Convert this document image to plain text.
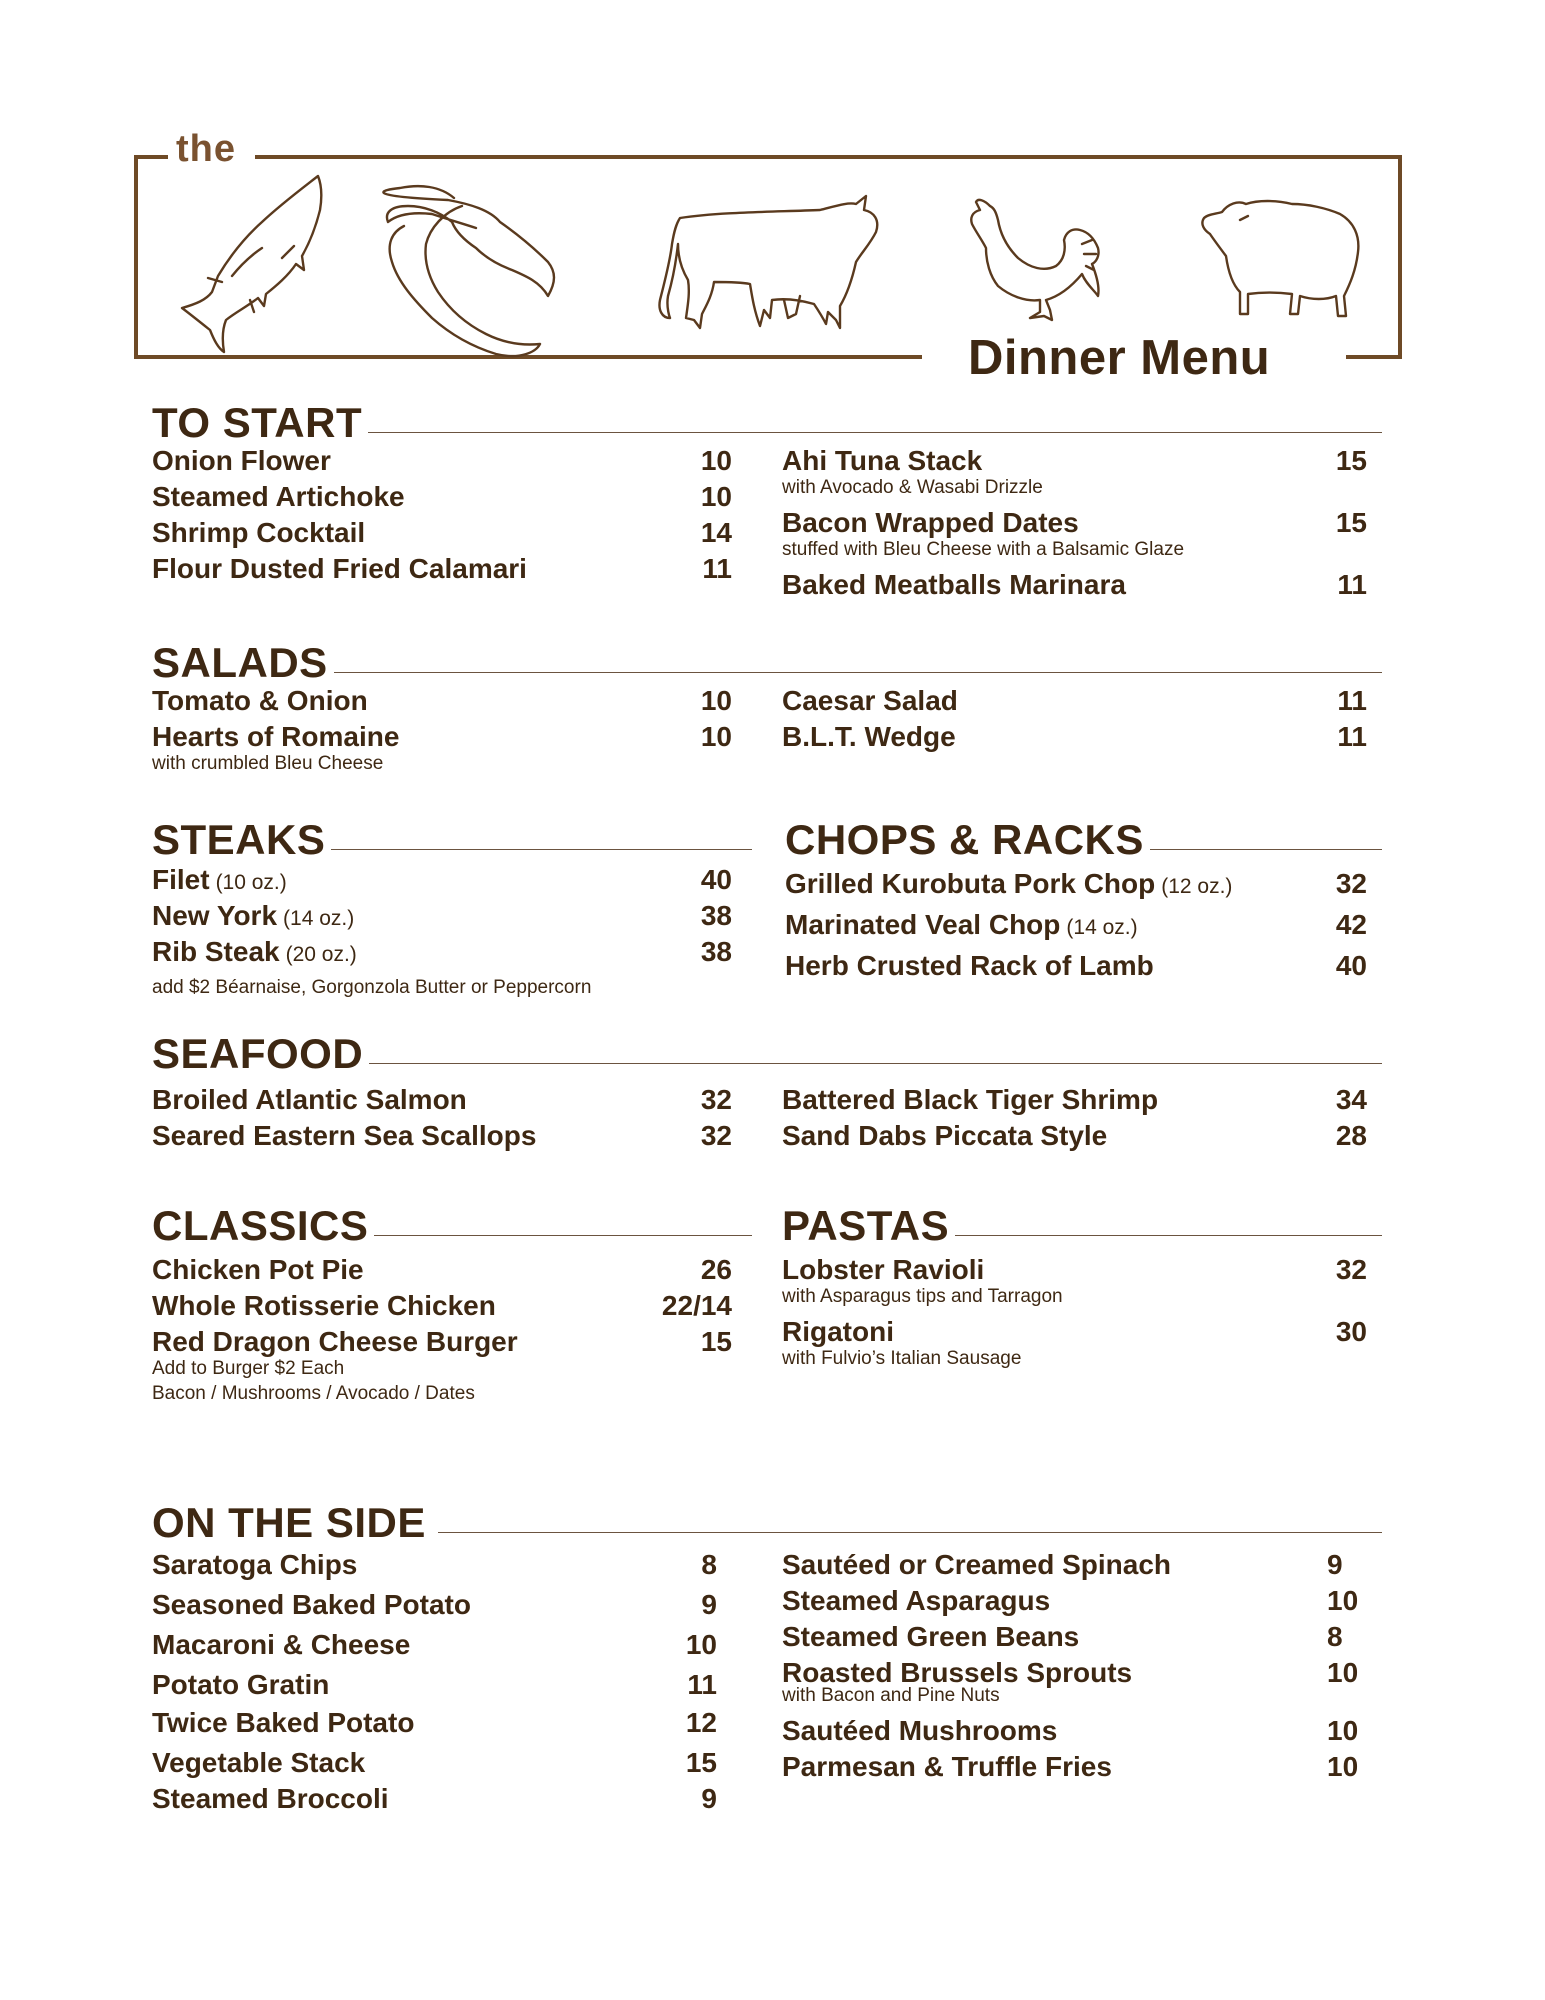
the
Dinner Menu
TO START
Onion Flower	10
Steamed Artichoke	10
Shrimp Cocktail	14
Flour Dusted Fried Calamari	11
Ahi Tuna Stack	15
with Avocado & Wasabi Drizzle
Bacon Wrapped Dates	15
stuffed with Bleu Cheese with a Balsamic Glaze
Baked Meatballs Marinara	11
SALADS
Tomato & Onion	10
Hearts of Romaine	10
with crumbled Bleu Cheese
Caesar Salad	11
B.L.T. Wedge	11
STEAKS
Filet (10 oz.)	40
New York (14 oz.)	38
Rib Steak (20 oz.)	38
add $2 Béarnaise, Gorgonzola Butter or Peppercorn
CHOPS & RACKS
Grilled Kurobuta Pork Chop (12 oz.)	32
Marinated Veal Chop (14 oz.)	42
Herb Crusted Rack of Lamb	40
SEAFOOD
Broiled Atlantic Salmon	32
Seared Eastern Sea Scallops	32
Battered Black Tiger Shrimp	34
Sand Dabs Piccata Style	28
CLASSICS
Chicken Pot Pie	26
Whole Rotisserie Chicken	22/14
Red Dragon Cheese Burger	15
Add to Burger $2 Each
Bacon / Mushrooms / Avocado / Dates
PASTAS
Lobster Ravioli	32
with Asparagus tips and Tarragon
Rigatoni	30
with Fulvio’s Italian Sausage
ON THE SIDE
Saratoga Chips	8
Seasoned Baked Potato	9
Macaroni & Cheese	10
Potato Gratin	11
Twice Baked Potato	12
Vegetable Stack	15
Steamed Broccoli	9
Sautéed or Creamed Spinach	9
Steamed Asparagus	10
Steamed Green Beans	8
Roasted Brussels Sprouts	10
with Bacon and Pine Nuts
Sautéed Mushrooms	10
Parmesan & Truffle Fries	10
